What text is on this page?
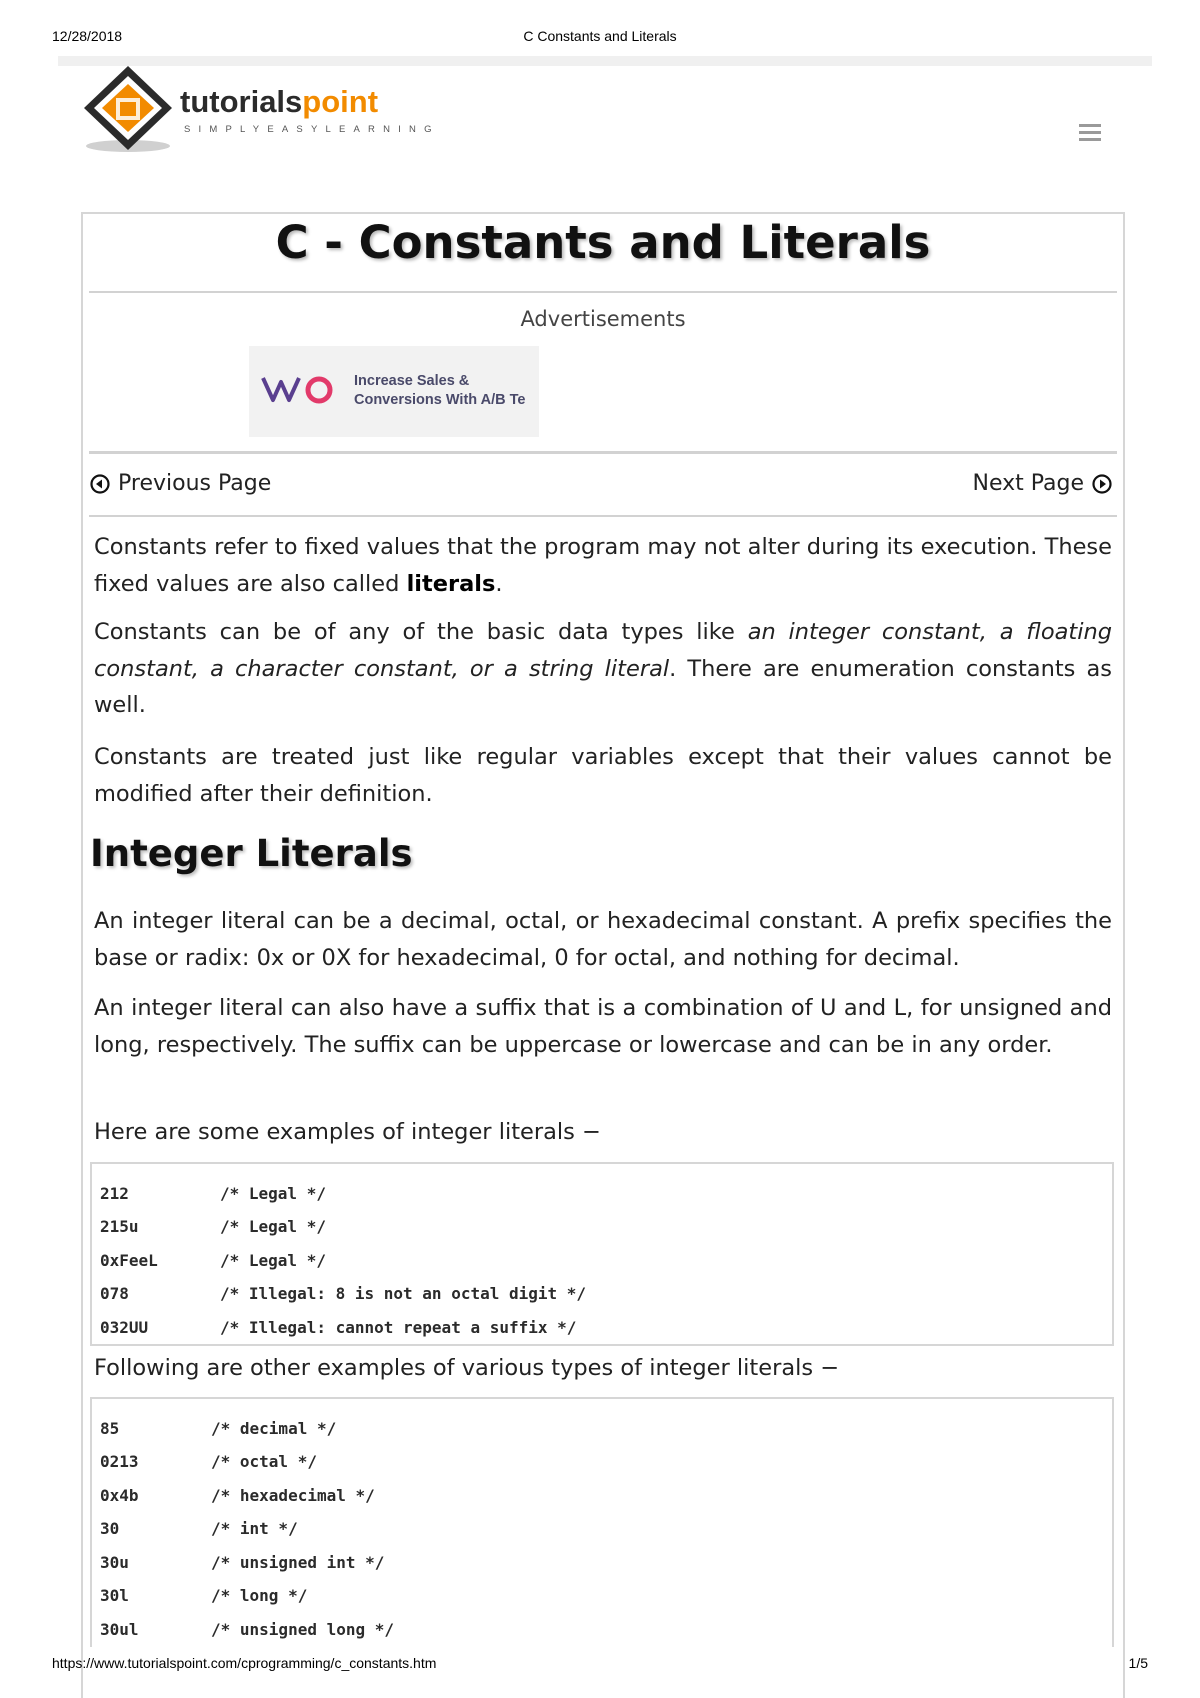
12/28/2018	C Constants and Literals
tutorialspoint
SIMPLYEASYLEARNING
C - Constants and Literals
Advertisements
Increase Sales &
Conversions With A/B Te
Previous Page	Next Page

Constants refer to fixed values that the program may not alter during its execution. These fixed values are also called literals.

Constants can be of any of the basic data types like an integer constant, a floating constant, a character constant, or a string literal. There are enumeration constants as well.

Constants are treated just like regular variables except that their values cannot be modified after their definition.

Integer Literals

An integer literal can be a decimal, octal, or hexadecimal constant. A prefix specifies the base or radix: 0x or 0X for hexadecimal, 0 for octal, and nothing for decimal.

An integer literal can also have a suffix that is a combination of U and L, for unsigned and long, respectively. The suffix can be uppercase or lowercase and can be in any order.

Here are some examples of integer literals −

212	/* Legal */
215u	/* Legal */
0xFeeL	/* Legal */
078	/* Illegal: 8 is not an octal digit */
032UU	/* Illegal: cannot repeat a suffix */

Following are other examples of various types of integer literals −

85	/* decimal */
0213	/* octal */
0x4b	/* hexadecimal */
30	/* int */
30u	/* unsigned int */
30l	/* long */
30ul	/* unsigned long */
https://www.tutorialspoint.com/cprogramming/c_constants.htm	1/5
